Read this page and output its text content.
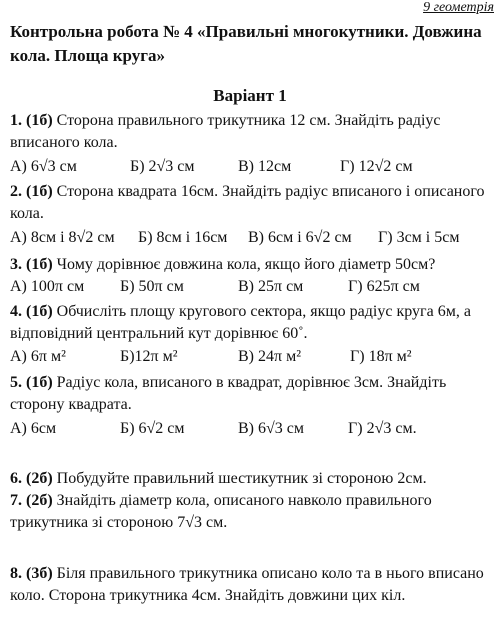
9 геометрія
Контрольна робота № 4 «Правильні многокутники. Довжина кола. Площа круга»
Варіант 1
1. (1б) Сторона правильного трикутника 12 см. Знайдіть радіус вписаного кола.
А) 6√3 см	Б) 2√3 см	В) 12см	Г) 12√2 см
2. (1б) Сторона квадрата 16см. Знайдіть радіус вписаного і описаного кола.
А) 8см і 8√2 см Б) 8см і 16см В) 6см і 6√2 см Г) 3см і 5см
3. (1б) Чому дорівнює довжина кола, якщо його діаметр 50см?
А) 100π см Б) 50π см	В) 25π см	Г) 625π см
4. (1б) Обчисліть площу кругового сектора, якщо радіус круга 6м, а відповідний центральний кут дорівнює 60˚.
А) 6π м²	Б)12π м²	В) 24π м²	Г) 18π м²
5. (1б) Радіус кола, вписаного в квадрат, дорівнює 3см. Знайдіть сторону квадрата.
А) 6см	Б) 6√2 см	В) 6√3 см	Г) 2√3 см.
6. (2б) Побудуйте правильний шестикутник зі стороною 2см.
7. (2б) Знайдіть діаметр кола, описаного навколо правильного трикутника зі стороною 7√3 см.
8. (3б) Біля правильного трикутника описано коло та в нього вписано коло. Сторона трикутника 4см. Знайдіть довжини цих кіл.
